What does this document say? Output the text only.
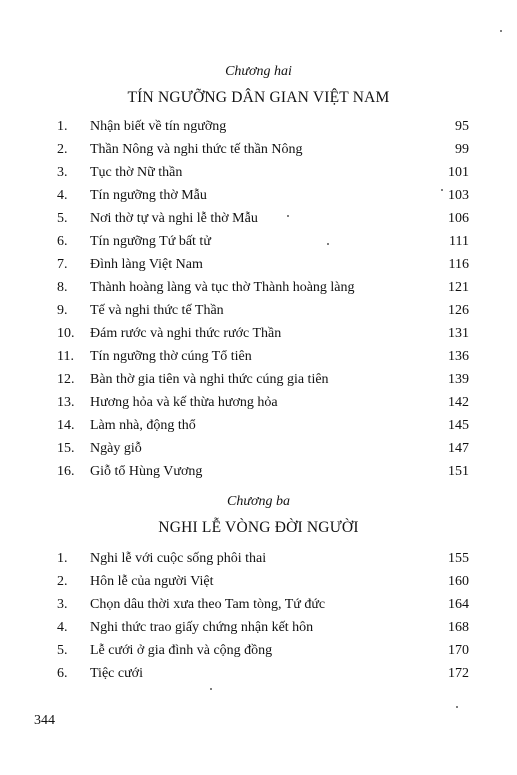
Chương hai
TÍN NGƯỠNG DÂN GIAN VIỆT NAM
1. Nhận biết về tín ngưỡng	95
2. Thần Nông và nghi thức tế thần Nông	99
3. Tục thờ Nữ thần	101
4. Tín ngưỡng thờ Mẫu	103
5. Nơi thờ tự và nghi lễ thờ Mẫu	106
6. Tín ngưỡng Tứ bất tử	111
7. Đình làng Việt Nam	116
8. Thành hoàng làng và tục thờ Thành hoàng làng	121
9. Tế và nghi thức tế Thần	126
10. Đám rước và nghi thức rước Thần	131
11. Tín ngưỡng thờ cúng Tổ tiên	136
12. Bàn thờ gia tiên và nghi thức cúng gia tiên	139
13. Hương hỏa và kế thừa hương hỏa	142
14. Làm nhà, động thổ	145
15. Ngày giỗ	147
16. Giỗ tổ Hùng Vương	151
Chương ba
NGHI LỄ VÒNG ĐỜI NGƯỜI
1. Nghi lễ với cuộc sống phôi thai	155
2. Hôn lễ của người Việt	160
3. Chọn dâu thời xưa theo Tam tòng, Tứ đức	164
4. Nghi thức trao giấy chứng nhận kết hôn	168
5. Lễ cưới ở gia đình và cộng đồng	170
6. Tiệc cưới	172
344
